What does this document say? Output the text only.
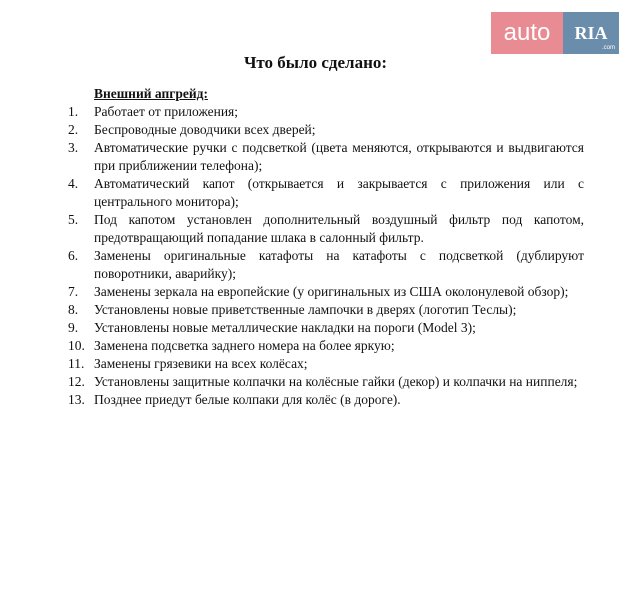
auto	RIA
.com
Что было сделано:
Внешний апгрейд:
1.	Работает от приложения;
2.	Беспроводные доводчики всех дверей;
3.	Автоматические ручки с подсветкой (цвета меняются, открываются и выдвигаются при приближении телефона);
4.	Автоматический капот (открывается и закрывается с приложения или с центрального монитора);
5.	Под капотом установлен дополнительный воздушный фильтр под капотом, предотвращающий попадание шлака в салонный фильтр.
6.	Заменены оригинальные катафоты на катафоты с подсветкой (дублируют поворотники, аварийку);
7.	Заменены зеркала на европейские (у оригинальных из США околонулевой обзор);
8.	Установлены новые приветственные лампочки в дверях (логотип Теслы);
9.	Установлены новые металлические накладки на пороги (Model 3);
10. Заменена подсветка заднего номера на более яркую;
11. Заменены грязевики на всех колёсах;
12. Установлены защитные колпачки на колёсные гайки (декор) и колпачки на ниппеля;
13. Позднее приедут белые колпаки для колёс (в дороге).
